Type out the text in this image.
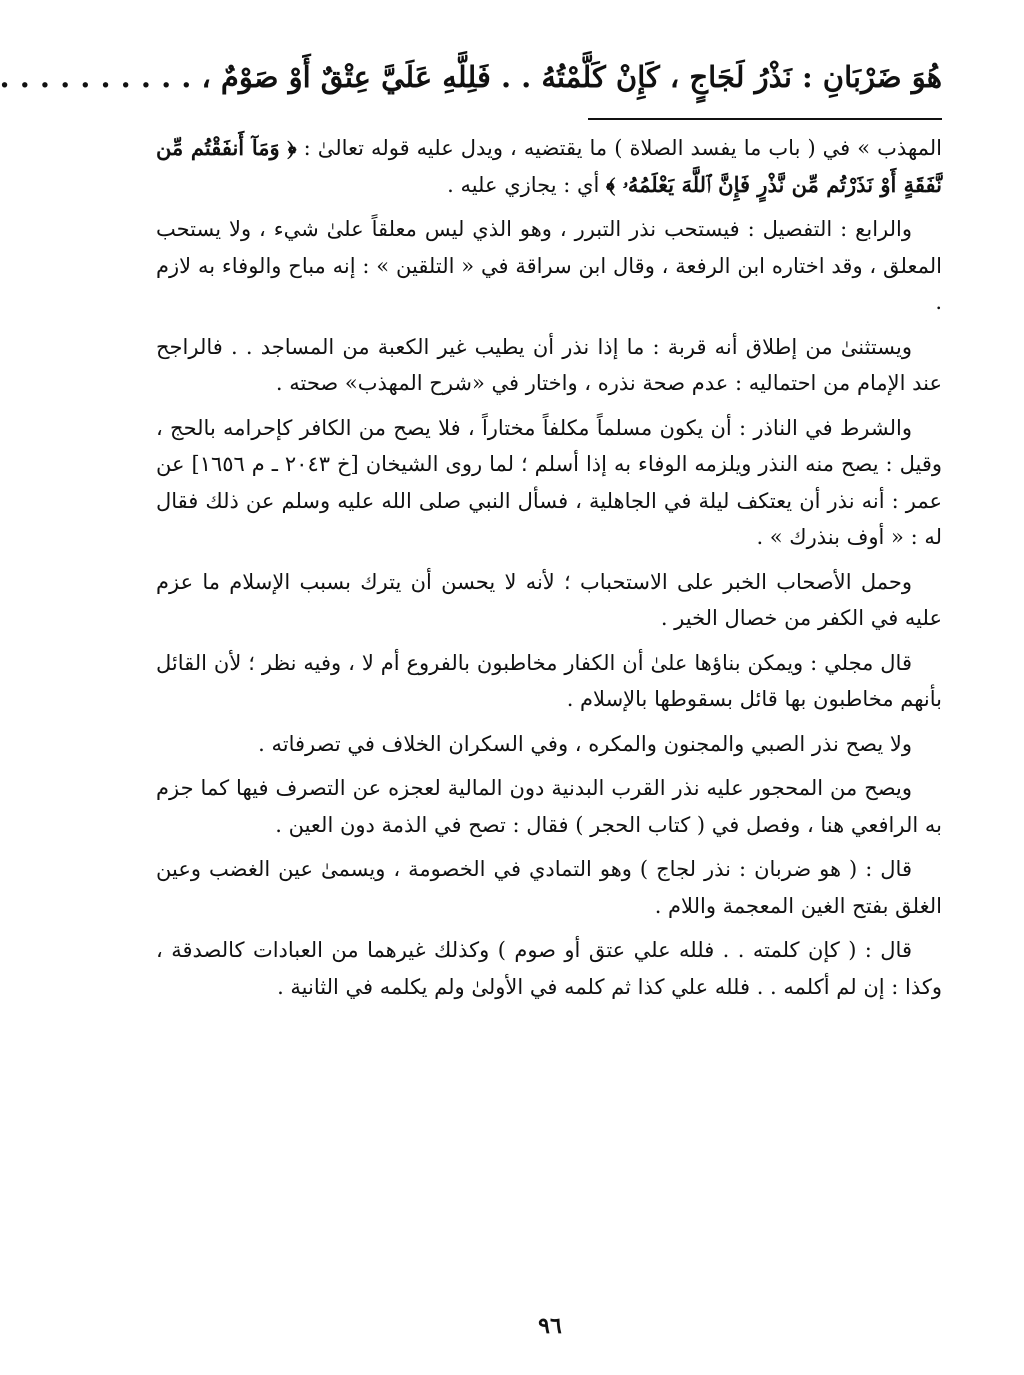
هُوَ ضَرْبَانِ : نَذْرُ لَجَاجٍ ، كَإِنْ كَلَّمْتُهُ . . فَلِلَّهِ عَلَيَّ عِتْقٌ أَوْ صَوْمٌ ، . . . . . . . . . .

المهذب » في ( باب ما يفسد الصلاة ) ما يقتضيه ، ويدل عليه قوله تعالىٰ : ﴿ وَمَآ أَنفَقْتُم مِّن نَّفَقَةٍ أَوْ نَذَرْتُم مِّن نَّذْرٍ فَإِنَّ ٱللَّهَ يَعْلَمُهُۥ ﴾ أي : يجازي عليه .

والرابع : التفصيل : فيستحب نذر التبرر ، وهو الذي ليس معلقاً علىٰ شيء ، ولا يستحب المعلق ، وقد اختاره ابن الرفعة ، وقال ابن سراقة في « التلقين » : إنه مباح والوفاء به لازم .

ويستثنىٰ من إطلاق أنه قربة : ما إذا نذر أن يطيب غير الكعبة من المساجد . . فالراجح عند الإمام من احتماليه : عدم صحة نذره ، واختار في «شرح المهذب» صحته .

والشرط في الناذر : أن يكون مسلماً مكلفاً مختاراً ، فلا يصح من الكافر كإحرامه بالحج ، وقيل : يصح منه النذر ويلزمه الوفاء به إذا أسلم ؛ لما روى الشيخان [خ ٢٠٤٣ ـ م ١٦٥٦] عن عمر : أنه نذر أن يعتكف ليلة في الجاهلية ، فسأل النبي صلى الله عليه وسلم عن ذلك فقال له : « أوف بنذرك » .

وحمل الأصحاب الخبر على الاستحباب ؛ لأنه لا يحسن أن يترك بسبب الإسلام ما عزم عليه في الكفر من خصال الخير .

قال مجلي : ويمكن بناؤها علىٰ أن الكفار مخاطبون بالفروع أم لا ، وفيه نظر ؛ لأن القائل بأنهم مخاطبون بها قائل بسقوطها بالإسلام .

ولا يصح نذر الصبي والمجنون والمكره ، وفي السكران الخلاف في تصرفاته .

ويصح من المحجور عليه نذر القرب البدنية دون المالية لعجزه عن التصرف فيها كما جزم به الرافعي هنا ، وفصل في ( كتاب الحجر ) فقال : تصح في الذمة دون العين .

قال : ( هو ضربان : نذر لجاج ) وهو التمادي في الخصومة ، ويسمىٰ عين الغضب وعين الغلق بفتح الغين المعجمة واللام .

قال : ( كإن كلمته . . فلله علي عتق أو صوم ) وكذلك غيرهما من العبادات كالصدقة ، وكذا : إن لم أكلمه . . فلله علي كذا ثم كلمه في الأولىٰ ولم يكلمه في الثانية .

٩٦
